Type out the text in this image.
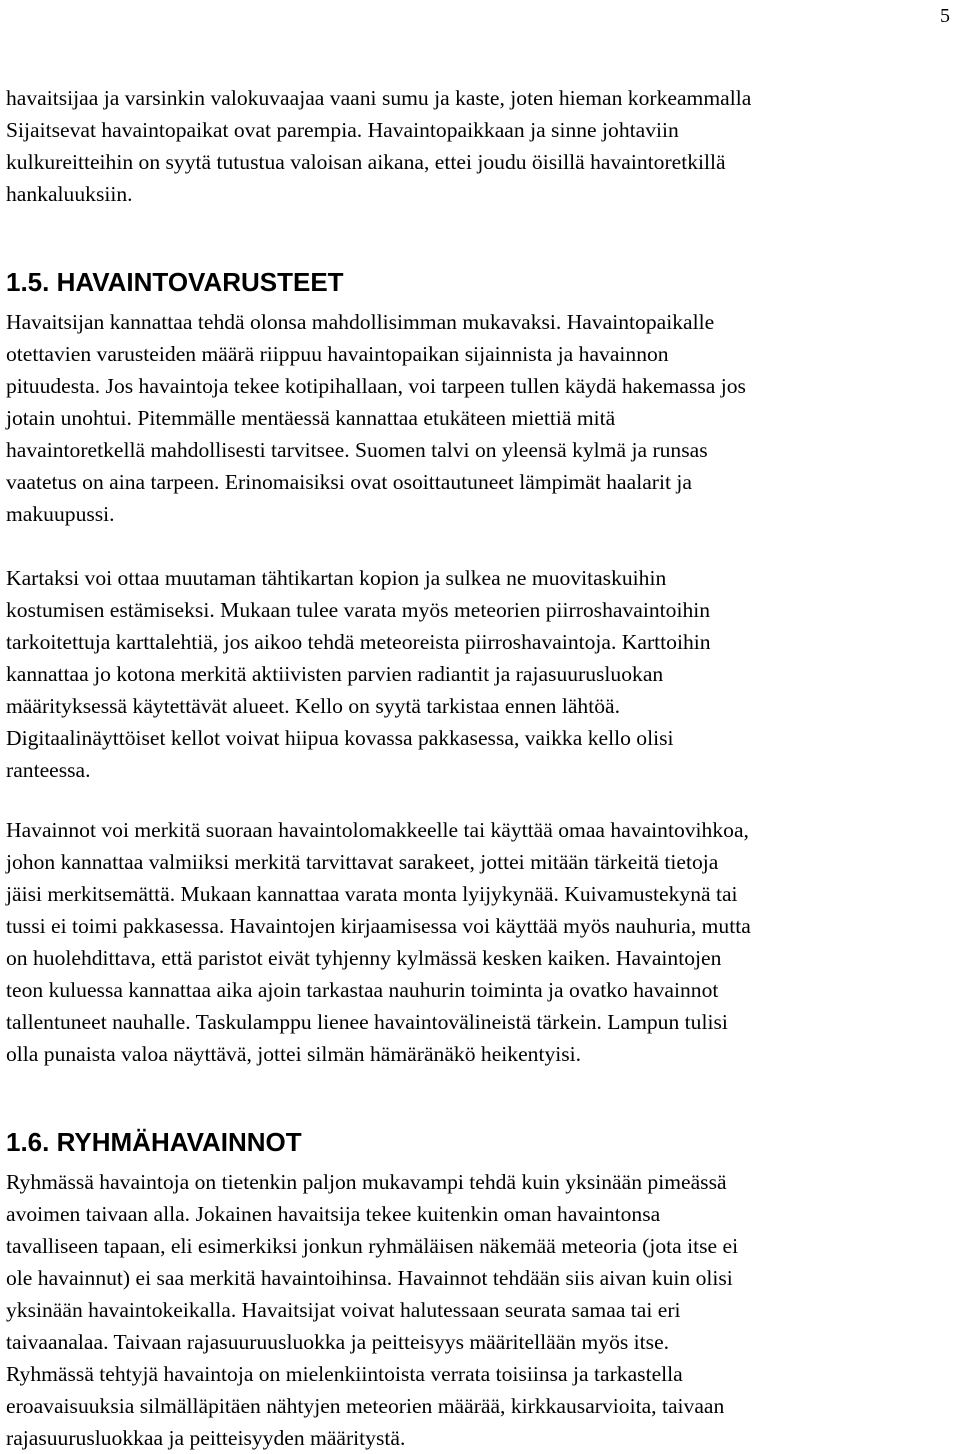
5
havaitsijaa ja varsinkin valokuvaajaa vaani sumu ja kaste, joten hieman korkeammalla
Sijaitsevat havaintopaikat ovat parempia. Havaintopaikkaan ja sinne johtaviin
kulkureitteihin on syytä tutustua valoisan aikana, ettei joudu öisillä havaintoretkillä
hankaluuksiin.
1.5. HAVAINTOVARUSTEET
Havaitsijan kannattaa tehdä olonsa mahdollisimman mukavaksi. Havaintopaikalle
otettavien varusteiden määrä riippuu havaintopaikan sijainnista ja havainnon
pituudesta. Jos havaintoja tekee kotipihallaan, voi tarpeen tullen käydä hakemassa jos
jotain unohtui. Pitemmälle mentäessä kannattaa etukäteen miettiä mitä
havaintoretkellä mahdollisesti tarvitsee. Suomen talvi on yleensä kylmä ja runsas
vaatetus on aina tarpeen. Erinomaisiksi ovat osoittautuneet lämpimät haalarit ja
makuupussi.
Kartaksi voi ottaa muutaman tähtikartan kopion ja sulkea ne muovitaskuihin
kostumisen estämiseksi. Mukaan tulee varata myös meteorien piirroshavaintoihin
tarkoitettuja karttalehtiä, jos aikoo tehdä meteoreista piirroshavaintoja. Karttoihin
kannattaa jo kotona merkitä aktiivisten parvien radiantit ja rajasuurusluokan
määrityksessä käytettävät alueet. Kello on syytä tarkistaa ennen lähtöä.
Digitaalinäyttöiset kellot voivat hiipua kovassa pakkasessa, vaikka kello olisi
ranteessa.
Havainnot voi merkitä suoraan havaintolomakkeelle tai käyttää omaa havaintovihkoa,
johon kannattaa valmiiksi merkitä tarvittavat sarakeet, jottei mitään tärkeitä tietoja
jäisi merkitsemättä. Mukaan kannattaa varata monta lyijykynää. Kuivamustekynä tai
tussi ei toimi pakkasessa. Havaintojen kirjaamisessa voi käyttää myös nauhuria, mutta
on huolehdittava, että paristot eivät tyhjenny kylmässä kesken kaiken. Havaintojen
teon kuluessa kannattaa aika ajoin tarkastaa nauhurin toiminta ja ovatko havainnot
tallentuneet nauhalle. Taskulamppu lienee havaintovälineistä tärkein. Lampun tulisi
olla punaista valoa näyttävä, jottei silmän hämäränäkö heikentyisi.
1.6. RYHMÄHAVAINNOT
Ryhmässä havaintoja on tietenkin paljon mukavampi tehdä kuin yksinään pimeässä
avoimen taivaan alla. Jokainen havaitsija tekee kuitenkin oman havaintonsa
tavalliseen tapaan, eli esimerkiksi jonkun ryhmäläisen näkemää meteoria (jota itse ei
ole havainnut) ei saa merkitä havaintoihinsa. Havainnot tehdään siis aivan kuin olisi
yksinään havaintokeikalla. Havaitsijat voivat halutessaan seurata samaa tai eri
taivaanalaa. Taivaan rajasuuruusluokka ja peitteisyys määritellään myös itse.
Ryhmässä tehtyjä havaintoja on mielenkiintoista verrata toisiinsa ja tarkastella
eroavaisuuksia silmälläpitäen nähtyjen meteorien määrää, kirkkausarvioita, taivaan
rajasuurusluokkaa ja peitteisyyden määritystä.
